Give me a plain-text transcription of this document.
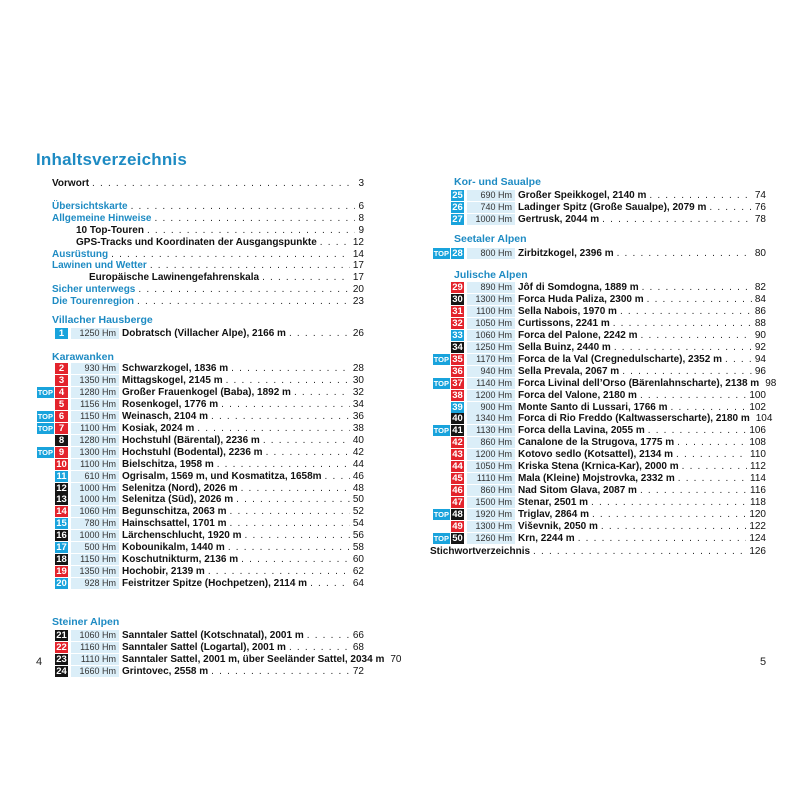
Inhaltsverzeichnis
Vorwort . . .	3
Übersichtskarte . . .	6
Allgemeine Hinweise . . .	8
10 Top-Touren . . .	9
GPS-Tracks und Koordinaten der Ausgangspunkte . . .	12
Ausrüstung . . .	14
Lawinen und Wetter . . .	17
Europäische Lawinengefahrenskala . . .	17
Sicher unterwegs . . .	20
Die Tourenregion . . .	23
Villacher Hausberge
1	1250 Hm Dobratsch (Villacher Alpe), 2166 m . . .	26
Karawanken
2	930 Hm Schwarzkogel, 1836 m . . .	28
3	1350 Hm Mittagskogel, 2145 m . . .	30
TOP 4	1280 Hm Großer Frauenkogel (Baba), 1892 m . . .	32
5	1156 Hm Rosenkogel, 1776 m . . .	34
TOP 6	1150 Hm Weinasch, 2104 m . . .	36
TOP 7	1100 Hm Kosiak, 2024 m . . .	38
8	1280 Hm Hochstuhl (Bärental), 2236 m . . .	40
TOP 9	1300 Hm Hochstuhl (Bodental), 2236 m . . .	42
10	1100 Hm Bielschitza, 1958 m . . .	44
11	610 Hm Ogrisalm, 1569 m, und Kosmatitza, 1658m . . .	46
12	1000 Hm Selenitza (Nord), 2026 m . . .	48
13	1000 Hm Selenitza (Süd), 2026 m . . .	50
14	1060 Hm Begunschitza, 2063 m . . .	52
15	780 Hm Hainschsattel, 1701 m . . .	54
16	1000 Hm Lärchenschlucht, 1920 m . . .	56
17	500 Hm Kobounikalm, 1440 m . . .	58
18	1150 Hm Koschutnikturm, 2136 m . . .	60
19	1350 Hm Hochobir, 2139 m . . .	62
20	928 Hm Feistritzer Spitze (Hochpetzen), 2114 m . . .	64
Steiner Alpen
21	1060 Hm Sanntaler Sattel (Kotschnatal), 2001 m . . .	66
22	1160 Hm Sanntaler Sattel (Logartal), 2001 m . . .	68
23	1110 Hm Sanntaler Sattel, 2001 m, über Seeländer Sattel, 2034 m 70
24	1660 Hm Grintovec, 2558 m . . .	72
Kor- und Saualpe
25	690 Hm Großer Speikkogel, 2140 m . . .	74
26	740 Hm Ladinger Spitz (Große Saualpe), 2079 m . . .	76
27	1000 Hm Gertrusk, 2044 m . . .	78
Seetaler Alpen
TOP 28	800 Hm Zirbitzkogel, 2396 m . . .	80
Julische Alpen
29	890 Hm Jôf di Somdogna, 1889 m . . .	82
30	1300 Hm Forca Huda Paliza, 2300 m . . .	84
31	1100 Hm Sella Nabois, 1970 m . . .	86
32	1050 Hm Curtissons, 2241 m . . .	88
33	1060 Hm Forca del Palone, 2242 m . . .	90
34	1250 Hm Sella Buinz, 2440 m . . .	92
TOP 35	1170 Hm Forca de la Val (Cregnedulscharte), 2352 m . . .	94
36	940 Hm Sella Prevala, 2067 m . . .	96
TOP 37	1140 Hm Forca Livinal dell’Orso (Bärenlahnscharte), 2138 m 98
38	1200 Hm Forca del Valone, 2180 m . . .	100
39	900 Hm Monte Santo di Lussari, 1766 m . . .	102
40	1340 Hm Forca di Rio Freddo (Kaltwasserscharte), 2180 m 104
TOP 41	1130 Hm Forca della Lavina, 2055 m . . .	106
42	860 Hm Canalone de la Strugova, 1775 m . . .	108
43	1200 Hm Kotovo sedlo (Kotsattel), 2134 m . . .	110
44	1050 Hm Kriska Stena (Krnica-Kar), 2000 m . . .	112
45	1110 Hm Mala (Kleine) Mojstrovka, 2332 m . . .	114
46	860 Hm Nad Sitom Glava, 2087 m . . .	116
47	1500 Hm Stenar, 2501 m . . .	118
TOP 48	1920 Hm Triglav, 2864 m . . .	120
49	1300 Hm Viševnik, 2050 m . . .	122
TOP 50	1260 Hm Krn, 2244 m . . .	124
Stichwortverzeichnis . . .	126
4	5
